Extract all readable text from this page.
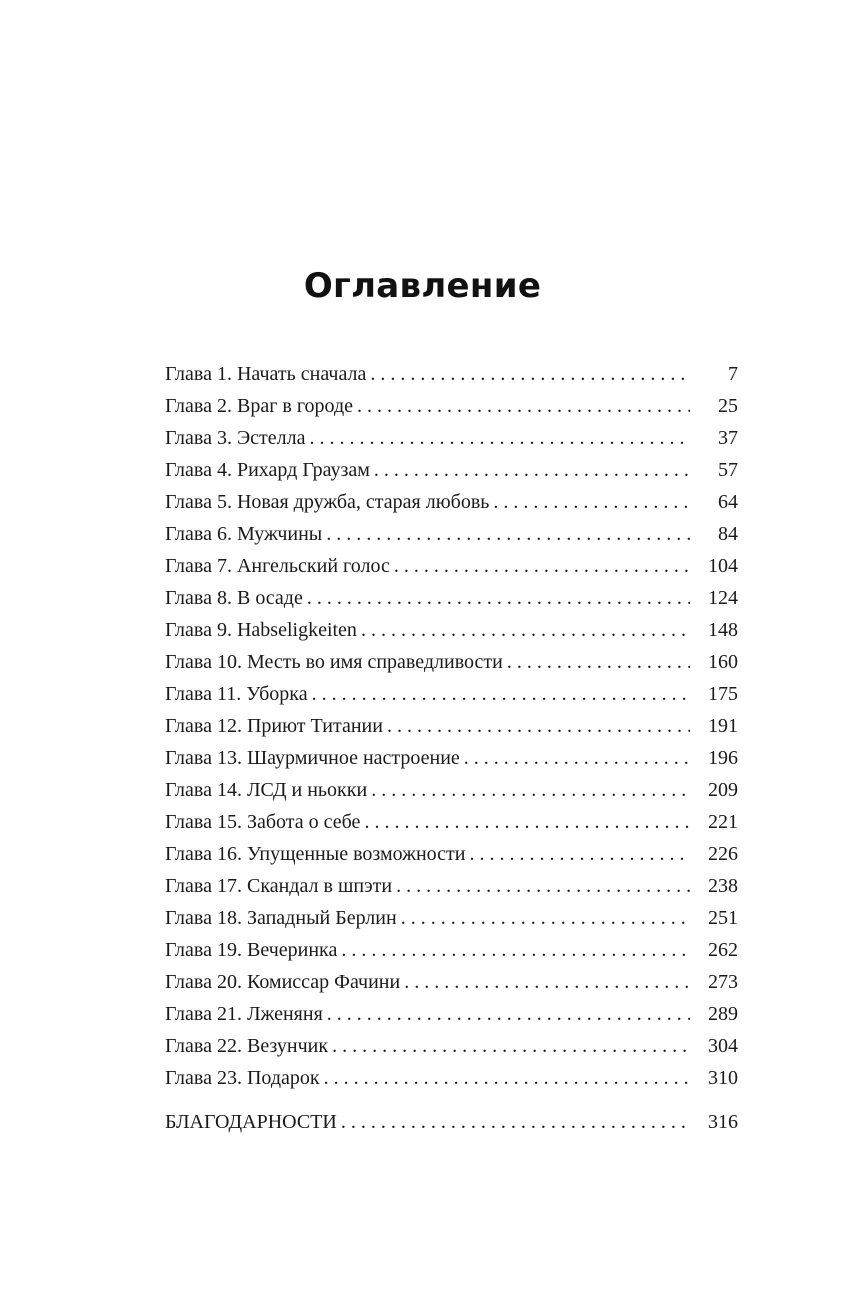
Оглавление
Глава 1. Начать сначала . . .	7
Глава 2. Враг в городе . . .	25
Глава 3. Эстелла . . .	37
Глава 4. Рихард Граузам . . .	57
Глава 5. Новая дружба, старая любовь . . .	64
Глава 6. Мужчины . . .	84
Глава 7. Ангельский голос . . .	104
Глава 8. В осаде . . .	124
Глава 9. Habseligkeiten . . .	148
Глава 10. Месть во имя справедливости . . .	160
Глава 11. Уборка . . .	175
Глава 12. Приют Титании . . .	191
Глава 13. Шаурмичное настроение . . .	196
Глава 14. ЛСД и ньокки . . .	209
Глава 15. Забота о себе . . .	221
Глава 16. Упущенные возможности . . .	226
Глава 17. Скандал в шпэти . . .	238
Глава 18. Западный Берлин . . .	251
Глава 19. Вечеринка . . .	262
Глава 20. Комиссар Фачини . . .	273
Глава 21. Лженяня . . .	289
Глава 22. Везунчик . . .	304
Глава 23. Подарок . . .	310
БЛАГОДАРНОСТИ . . .	316
